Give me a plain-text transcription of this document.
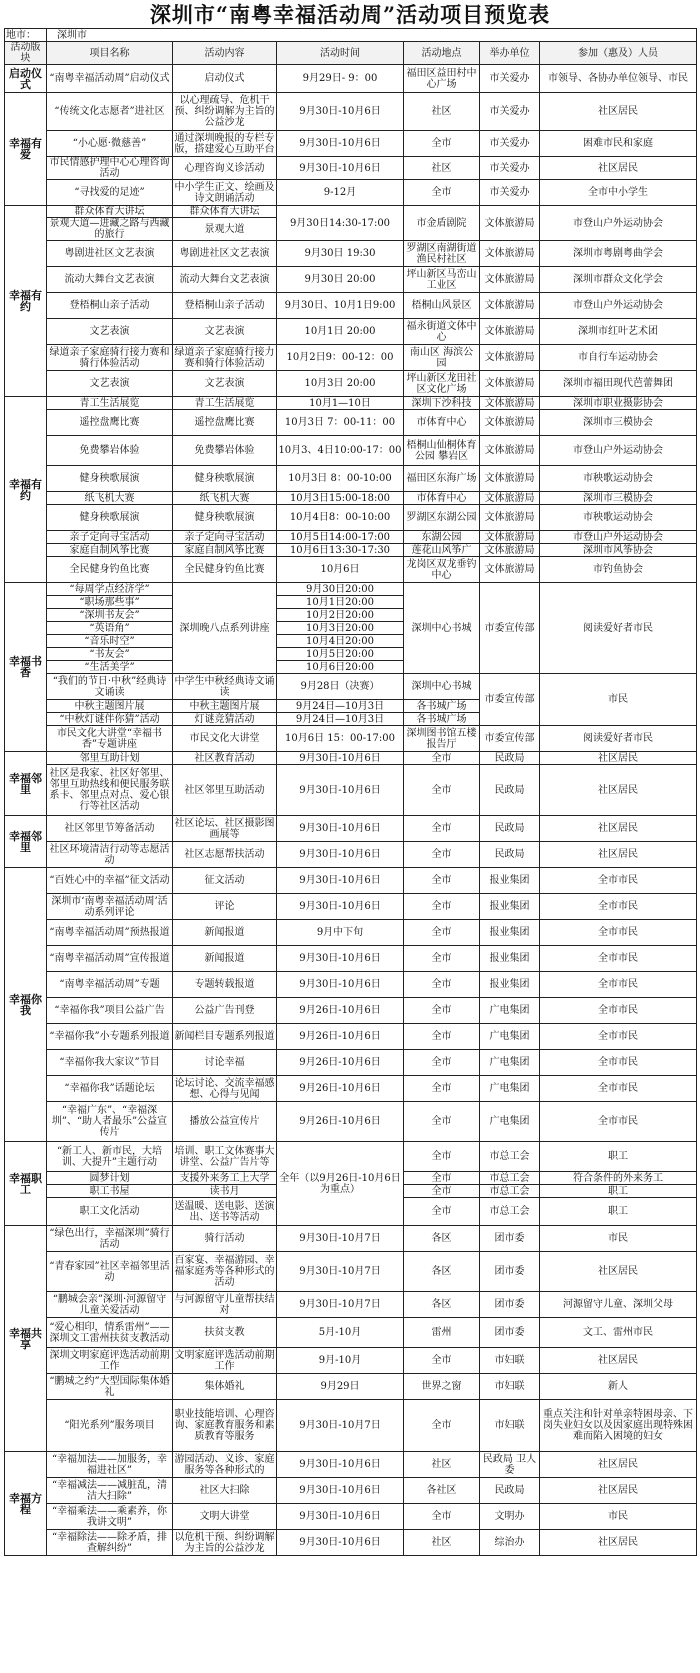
深圳市“南粤幸福活动周”活动项目预览表
地市：	深圳市					
活动版块	项目名称	活动内容	活动时间	活动地点	举办单位	参加（惠及）人员
启动仪式	“南粤幸福活动周”启动仪式	启动仪式	9月29日- 9：00	福田区益田村中心广场	市关爱办	市领导、各协办单位领导、市民
幸福有爱	“传统文化志愿者”进社区	以心理疏导、危机干预、纠纷调解为主旨的公益沙龙	9月30日-10月6日	社区	市关爱办	社区居民
	“小心愿·微慈善”	通过深圳晚报的专栏专版，搭建爱心互助平台	9月30日-10月6日	全市	市关爱办	困难市民和家庭
	市民情感护理中心心理咨询活动	心理咨询义诊活动	9月30日-10月6日	社区	市关爱办	社区居民
	“寻找爱的足迹”	中小学生正文、绘画及诗文朗诵活动	9-12月	全市	市关爱办	全市中小学生
幸福有约	群众体育大讲坛	群众体育大讲坛	9月30日14:30-17:00	市金盾剧院	文体旅游局	市登山户外运动协会
	景观大道—进藏之路与西藏的旅行	景观大道				
	粤剧进社区文艺表演	粤剧进社区文艺表演	9月30日 19:30	罗湖区南湖街道渔民村社区	文体旅游局	深圳市粤剧粤曲学会
	流动大舞台文艺表演	流动大舞台文艺表演	9月30日 20:00	坪山新区马峦山工业区	文体旅游局	深圳市群众文化学会
	登梧桐山亲子活动	登梧桐山亲子活动	9月30日、10月1日9:00	梧桐山风景区	文体旅游局	市登山户外运动协会
	文艺表演	文艺表演	10月1日 20:00	福永街道文体中心	文体旅游局	深圳市红叶艺术团
	绿道亲子家庭骑行接力赛和骑行体验活动	绿道亲子家庭骑行接力赛和骑行体验活动	10月2日9：00-12：00	南山区 海滨公园	文体旅游局	市自行车运动协会
	文艺表演	文艺表演	10月3日 20:00	坪山新区龙田社区文化广场	文体旅游局	深圳市福田现代芭蕾舞团
幸福有约	青工生活展览	青工生活展览	10月1—10日	深圳下沙科技	文体旅游局	深圳市职业摄影协会
	遥控盘鹰比赛	遥控盘鹰比赛	10月3日 7：00-11：00	市体育中心	文体旅游局	深圳市三模协会
	免费攀岩体验	免费攀岩体验	10月3、4日10:00-17：00	梧桐山仙桐体育公园 攀岩区	文体旅游局	市登山户外运动协会
	健身秧歌展演	健身秧歌展演	10月3日 8：00-10:00	福田区东海广场	文体旅游局	市秧歌运动协会
	纸飞机大赛	纸飞机大赛	10月3日15:00-18:00	市体育中心	文体旅游局	深圳市三模协会
	健身秧歌展演	健身秧歌展演	10月4日8：00-10:00	罗湖区东湖公园	文体旅游局	市秧歌运动协会
	亲子定向寻宝活动	亲子定向寻宝活动	10月5日14:00-17:00	东湖公园	文体旅游局	市登山户外运动协会
	家庭自制风筝比赛	家庭自制风筝比赛	10月6日13:30-17:30	莲花山风筝广	文体旅游局	深圳市风筝协会
	全民健身钓鱼比赛	全民健身钓鱼比赛	10月6日	龙岗区双龙垂钓中心	文体旅游局	市钓鱼协会
幸福书香	“每周学点经济学”	深圳晚八点系列讲座	9月30日20:00	深圳中心书城	市委宣传部	阅读爱好者市民
	“职场那些事”		10月1日20:00			
	“深圳书友会”		10月2日20:00			
	“英语角”		10月3日20:00			
	“音乐时空”		10月4日20:00			
	“书友会”		10月5日20:00			
	“生活美学”		10月6日20:00			
	“我们的节日·中秋”经典诗文诵读	中学生中秋经典诗文诵读	9月28日（决赛）	深圳中心书城	市委宣传部	市民
	中秋主题图片展	中秋主题图片展	9月24日—10月3日	各书城广场		
	“中秋灯谜伴你猜”活动	灯谜竞猜活动	9月24日—10月3日	各书城广场		
	市民文化大讲堂“幸福书香”专题讲座	市民文化大讲堂	10月6日 15：00-17:00	深圳图书馆五楼报告厅	市委宣传部	阅读爱好者市民
幸福邻里	邻里互助计划	社区教育活动	9月30日-10月6日	全市	民政局	社区居民
	社区是我家、社区好邻里、邻里互助热线和便民服务联系卡、邻里点对点、爱心银行等社区活动	社区邻里互助活动	9月30日-10月6日	全市	民政局	社区居民
幸福邻里	社区邻里节筹备活动	社区论坛、社区摄影图画展等	9月30日-10月6日	全市	民政局	社区居民
	社区环境清洁行动等志愿活动	社区志愿帮扶活动	9月30日-10月6日	全市	民政局	社区居民
幸福你我	“百姓心中的幸福”征文活动	征文活动	9月30日-10月6日	全市	报业集团	全市市民
	深圳市‘南粤幸福活动周’活动系列评论	评论	9月30日-10月6日	全市	报业集团	全市市民
	“南粤幸福活动周”预热报道	新闻报道	9月中下旬	全市	报业集团	全市市民
	“南粤幸福活动周”宣传报道	新闻报道	9月30日-10月6日	全市	报业集团	全市市民
	“南粤幸福活动周”专题	专题转载报道	9月30日-10月6日	全市	报业集团	全市市民
	“幸福你我”项目公益广告	公益广告刊登	9月26日-10月6日	全市	广电集团	全市市民
	“幸福你我”小专题系列报道	新闻栏目专题系列报道	9月26日-10月6日	全市	广电集团	全市市民
	“幸福你我大家议”节目	讨论幸福	9月26日-10月6日	全市	广电集团	全市市民
	“幸福你我”话题论坛	论坛讨论、交流幸福感想、心得与见闻	9月26日-10月6日	全市	广电集团	全市市民
	“幸福广东”、“幸福深圳”、“助人者最乐”公益宣传片	播放公益宣传片	9月26日-10月6日	全市	广电集团	全市市民
幸福职工	“新工人、新市民，大培训、大提升”主题行动	培训、职工文体赛事大讲堂、公益广告片等	全年（以9月26日-10月6日为重点）	全市	市总工会	职工
	圆梦计划	支援外来务工上大学		全市	市总工会	符合条件的外来务工
	职工书屋	读书月		全市	市总工会	职工
	职工文化活动	送温暖、送电影、送演出、送书等活动		全市	市总工会	职工
幸福共享	“绿色出行，幸福深圳”骑行活动	骑行活动	9月30日-10月7日	各区	团市委	市民
	“青春家园”社区幸福邻里活动	百家宴、幸福游园、幸福家庭秀等各种形式的活动	9月30日-10月7日	各区	团市委	社区居民
	“鹏城会亲”深圳·河源留守儿童关爱活动	与河源留守儿童帮扶结对	9月30日-10月7日	各区	团市委	河源留守儿童、深圳父母
	“爱心相印，情系雷州”——深圳文工雷州扶贫支教活动	扶贫支教	5月-10月	雷州	团市委	文工、雷州市民
	深圳文明家庭评选活动前期工作	文明家庭评选活动前期工作	9月-10月	全市	市妇联	社区居民
	“鹏城之约”大型国际集体婚礼	集体婚礼	9月29日	世界之窗	市妇联	新人
	“阳光系列”服务项目	职业技能培训、心理咨询、家庭教育服务和素质教育等服务	9月30日-10月7日	全市	市妇联	重点关注和针对单亲特困母亲、下岗失业妇女以及因家庭出现特殊困难而陷入困境的妇女
幸福方程	“幸福加法——加服务，幸福进社区”	游园活动、义诊、家庭服务等各种形式的	9月30日-10月6日	社区	民政局 卫人委	社区居民
	“幸福减法——减脏乱，清洁大扫除”	社区大扫除	9月30日-10月6日	各社区	民政局	社区居民
	“幸福乘法——乘素养，你我讲文明”	文明大讲堂	9月30日-10月6日	全市	文明办	市民
	“幸福除法——除矛盾，排查解纠纷”	以危机干预、纠纷调解为主旨的公益沙龙	9月30日-10月6日	社区	综治办	社区居民
